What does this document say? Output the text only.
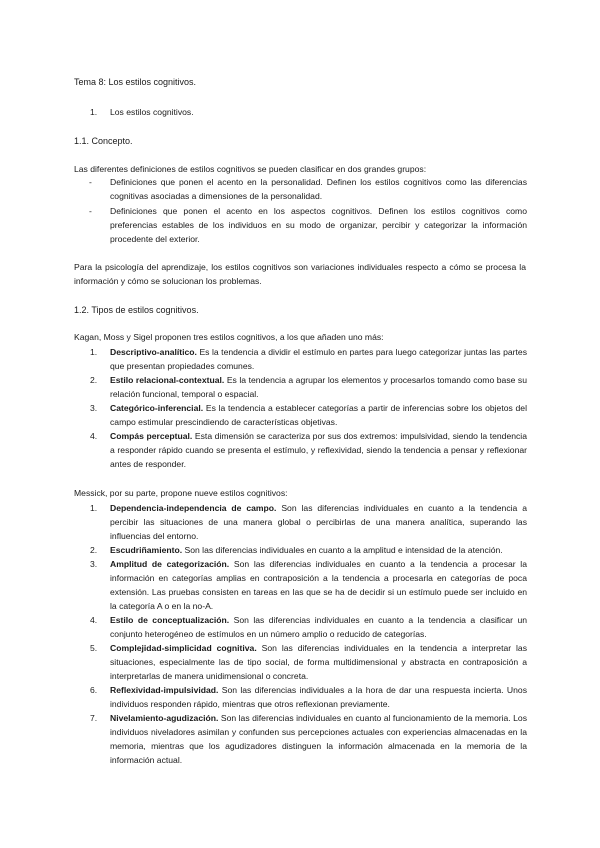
Tema 8: Los estilos cognitivos.
1. Los estilos cognitivos.
1.1. Concepto.
Las diferentes definiciones de estilos cognitivos se pueden clasificar en dos grandes grupos:
- Definiciones que ponen el acento en la personalidad. Definen los estilos cognitivos como las diferencias cognitivas asociadas a dimensiones de la personalidad.
- Definiciones que ponen el acento en los aspectos cognitivos. Definen los estilos cognitivos como preferencias estables de los individuos en su modo de organizar, percibir y categorizar la información procedente del exterior.
Para la psicología del aprendizaje, los estilos cognitivos son variaciones individuales respecto a cómo se procesa la información y cómo se solucionan los problemas.
1.2. Tipos de estilos cognitivos.
Kagan, Moss y Sigel proponen tres estilos cognitivos, a los que añaden uno más:
1. Descriptivo-analítico. Es la tendencia a dividir el estímulo en partes para luego categorizar juntas las partes que presentan propiedades comunes.
2. Estilo relacional-contextual. Es la tendencia a agrupar los elementos y procesarlos tomando como base su relación funcional, temporal o espacial.
3. Categórico-inferencial. Es la tendencia a establecer categorías a partir de inferencias sobre los objetos del campo estimular prescindiendo de características objetivas.
4. Compás perceptual. Esta dimensión se caracteriza por sus dos extremos: impulsividad, siendo la tendencia a responder rápido cuando se presenta el estímulo, y reflexividad, siendo la tendencia a pensar y reflexionar antes de responder.
Messick, por su parte, propone nueve estilos cognitivos:
1. Dependencia-independencia de campo. Son las diferencias individuales en cuanto a la tendencia a percibir las situaciones de una manera global o percibirlas de una manera analítica, superando las influencias del entorno.
2. Escudriñamiento. Son las diferencias individuales en cuanto a la amplitud e intensidad de la atención.
3. Amplitud de categorización. Son las diferencias individuales en cuanto a la tendencia a procesar la información en categorías amplias en contraposición a la tendencia a procesarla en categorías de poca extensión. Las pruebas consisten en tareas en las que se ha de decidir si un estímulo puede ser incluido en la categoría A o en la no-A.
4. Estilo de conceptualización. Son las diferencias individuales en cuanto a la tendencia a clasificar un conjunto heterogéneo de estímulos en un número amplio o reducido de categorías.
5. Complejidad-simplicidad cognitiva. Son las diferencias individuales en la tendencia a interpretar las situaciones, especialmente las de tipo social, de forma multidimensional y abstracta en contraposición a interpretarlas de manera unidimensional o concreta.
6. Reflexividad-impulsividad. Son las diferencias individuales a la hora de dar una respuesta incierta. Unos individuos responden rápido, mientras que otros reflexionan previamente.
7. Nivelamiento-agudización. Son las diferencias individuales en cuanto al funcionamiento de la memoria. Los individuos niveladores asimilan y confunden sus percepciones actuales con experiencias almacenadas en la memoria, mientras que los agudizadores distinguen la información almacenada en la memoria de la información actual.
